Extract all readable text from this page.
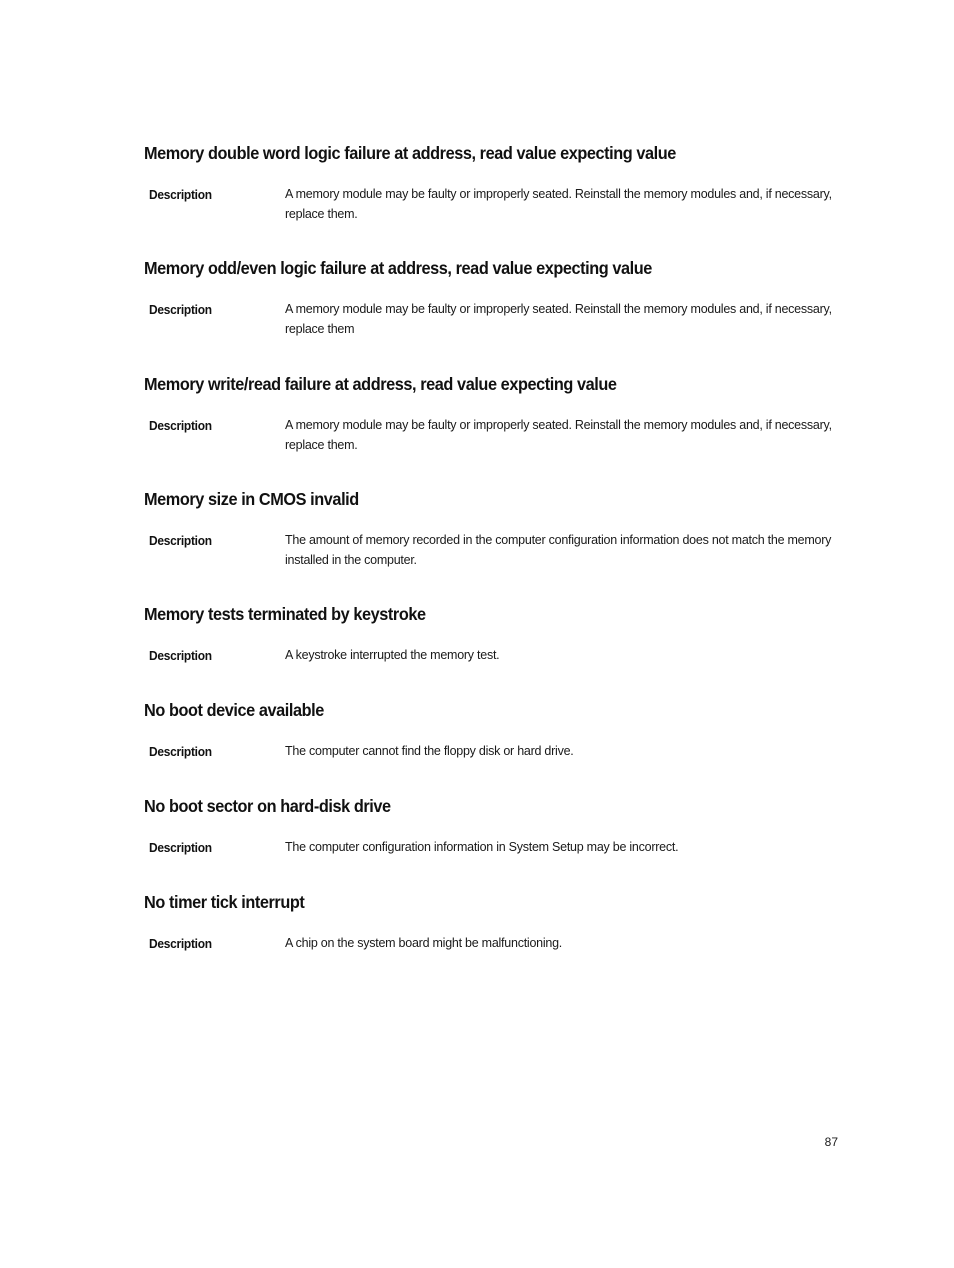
Memory double word logic failure at address, read value expecting value
Description	A memory module may be faulty or improperly seated. Reinstall the memory modules and, if necessary, replace them.
Memory odd/even logic failure at address, read value expecting value
Description	A memory module may be faulty or improperly seated. Reinstall the memory modules and, if necessary, replace them
Memory write/read failure at address, read value expecting value
Description	A memory module may be faulty or improperly seated. Reinstall the memory modules and, if necessary, replace them.
Memory size in CMOS invalid
Description	The amount of memory recorded in the computer configuration information does not match the memory installed in the computer.
Memory tests terminated by keystroke
Description	A keystroke interrupted the memory test.
No boot device available
Description	The computer cannot find the floppy disk or hard drive.
No boot sector on hard-disk drive
Description	The computer configuration information in System Setup may be incorrect.
No timer tick interrupt
Description	A chip on the system board might be malfunctioning.
87
